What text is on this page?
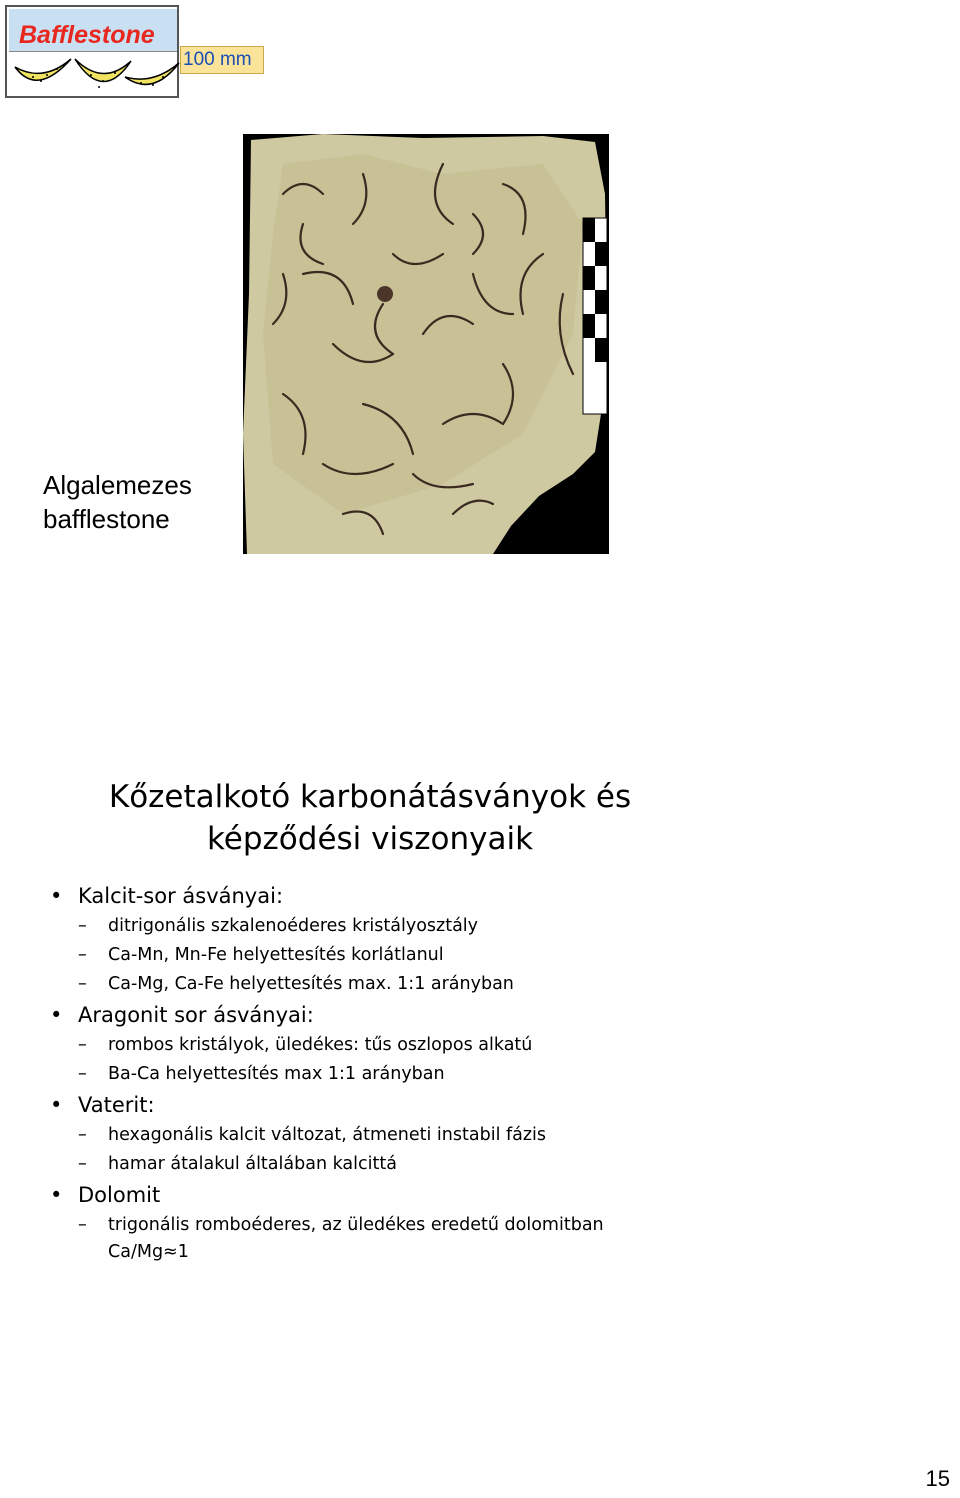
Bafflestone
100 mm
Algalemezes
bafflestone
Kőzetalkotó karbonátásványok és
képződési viszonyaik
• Kalcit-sor ásványai:
– ditrigonális szkalenoéderes kristályosztály
– Ca-Mn, Mn-Fe helyettesítés korlátlanul
– Ca-Mg, Ca-Fe helyettesítés max. 1:1 arányban
• Aragonit sor ásványai:
– rombos kristályok, üledékes: tűs oszlopos alkatú
– Ba-Ca helyettesítés max 1:1 arányban
• Vaterit:
– hexagonális kalcit változat, átmeneti instabil fázis
– hamar átalakul általában kalcittá
• Dolomit
– trigonális romboéderes, az üledékes eredetű dolomitban
Ca/Mg≈1
15
